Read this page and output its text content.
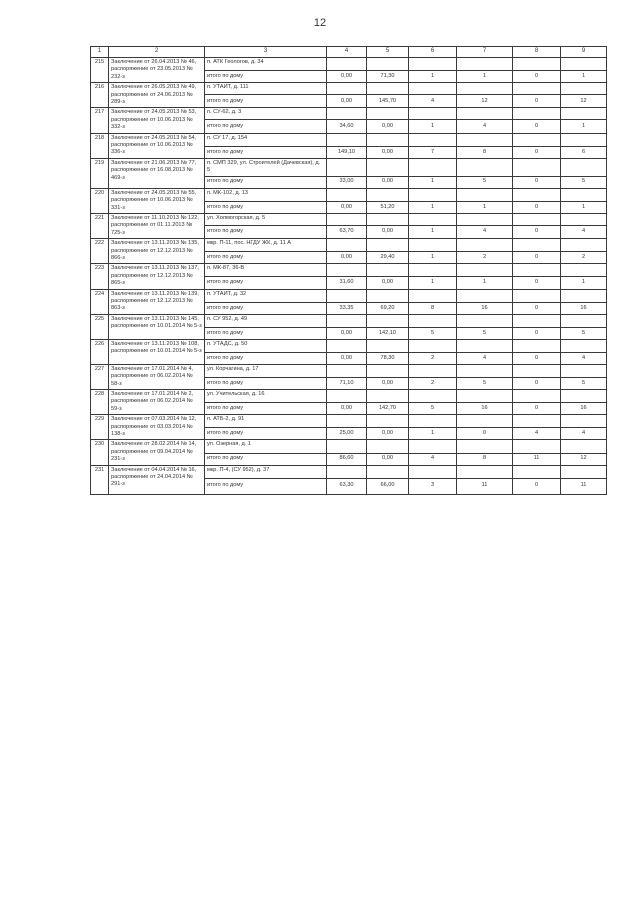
12
1	2	3	4	5	6	7	8	9
215	Заключение от 26.04.2013 № 46, распоряжение от 23.05.2013 № 232-з	п. АТК Геологов, д. 34						
		итого по дому	0,00	71,30	1	1	0	1
216	Заключение от 26.05.2013 № 49, распоряжение от 24.06.2013 № 289-з	п. УТАИТ, д. 111						
		итого по дому	0,00	145,70	4	12	0	12
217	Заключение от 24.05.2013 № 53, распоряжение от 10.06.2013 № 332-з	п. СУ-62, д. 3						
		итого по дому	34,60	0,00	1	4	0	1
218	Заключение от 24.05.2013 № 54, распоряжение от 10.06.2013 № 336-з	п. СУ 17, д. 154						
		итого по дому	149,10	0,00	7	8	0	6
219	Заключение от 21.06.2013 № 77, распоряжение от 16.08.2013 № 469-з	п. СМП 329, ул. Строителей (Дачевская), д. 5						
		итого по дому	33,00	0,00	1	5	0	5
220	Заключение от 24.05.2013 № 55, распоряжение от 10.06.2013 № 331-з	п. МК-102, д. 13						
		итого по дому	0,00	51,20	1	1	0	1
221	Заключение от 11.10.2013 № 122, распоряжение от 01.11.2013 № 725-з	ул. Холмогорская, д. 5						
		итого по дому	63,70	0,00	1	4	0	4
222	Заключение от 13.11.2013 № 135, распоряжение от 12.12.2013 № 866-з	мкр. П-11, пос. НГДУ ЖК, д. 11 А						
		итого по дому	0,00	29,40	1	2	0	2
223	Заключение от 13.11.2013 № 137, распоряжение от 12.12.2013 № 865-з	п. МК-87, 36-В						
		итого по дому	31,60	0,00	1	1	0	1
224	Заключение от 13.11.2013 № 139, распоряжение от 12.12.2013 № 863-з	п. УТАИТ, д. 32						
		итого по дому	33,35	69,20	8	16	0	16
225	Заключение от 13.11.2013 № 145, распоряжение от 10.01.2014 № 5-з	п. СУ 952, д. 49						
		итого по дому	0,00	142,10	5	5	0	5
226	Заключение от 13.11.2013 № 108, распоряжение от 10.01.2014 № 5-з	п. УТАДС, д. 50						
		итого по дому	0,00	78,30	2	4	0	4
227	Заключение от 17.01.2014 № 4, распоряжение от 06.02.2014 № 58-з	ул. Корчагина, д. 17						
		итого по дому	71,10	0,00	2	5	0	5
228	Заключение от 17.01.2014 № 2, распоряжение от 06.02.2014 № 59-з	ул. Учительская, д. 16						
		итого по дому	0,00	142,70	5	16	0	16
229	Заключение от 07.03.2014 № 12, распоряжение от 03.03.2014 № 138-з	п. АТБ-2, д. 91						
		итого по дому	25,00	0,00	1	0	4	4
230	Заключение от 28.02.2014 № 14, распоряжение от 09.04.2014 № 231-з	ул. Озерная, д. 1						
		итого по дому	86,60	0,00	4	8	11	12
231	Заключение от 04.04.2014 № 16, распоряжение от 24.04.2014 № 291-з	мкр. П-4, (СУ 952), д. 37						
		итого по дому	63,30	66,00	3	11	0	11
